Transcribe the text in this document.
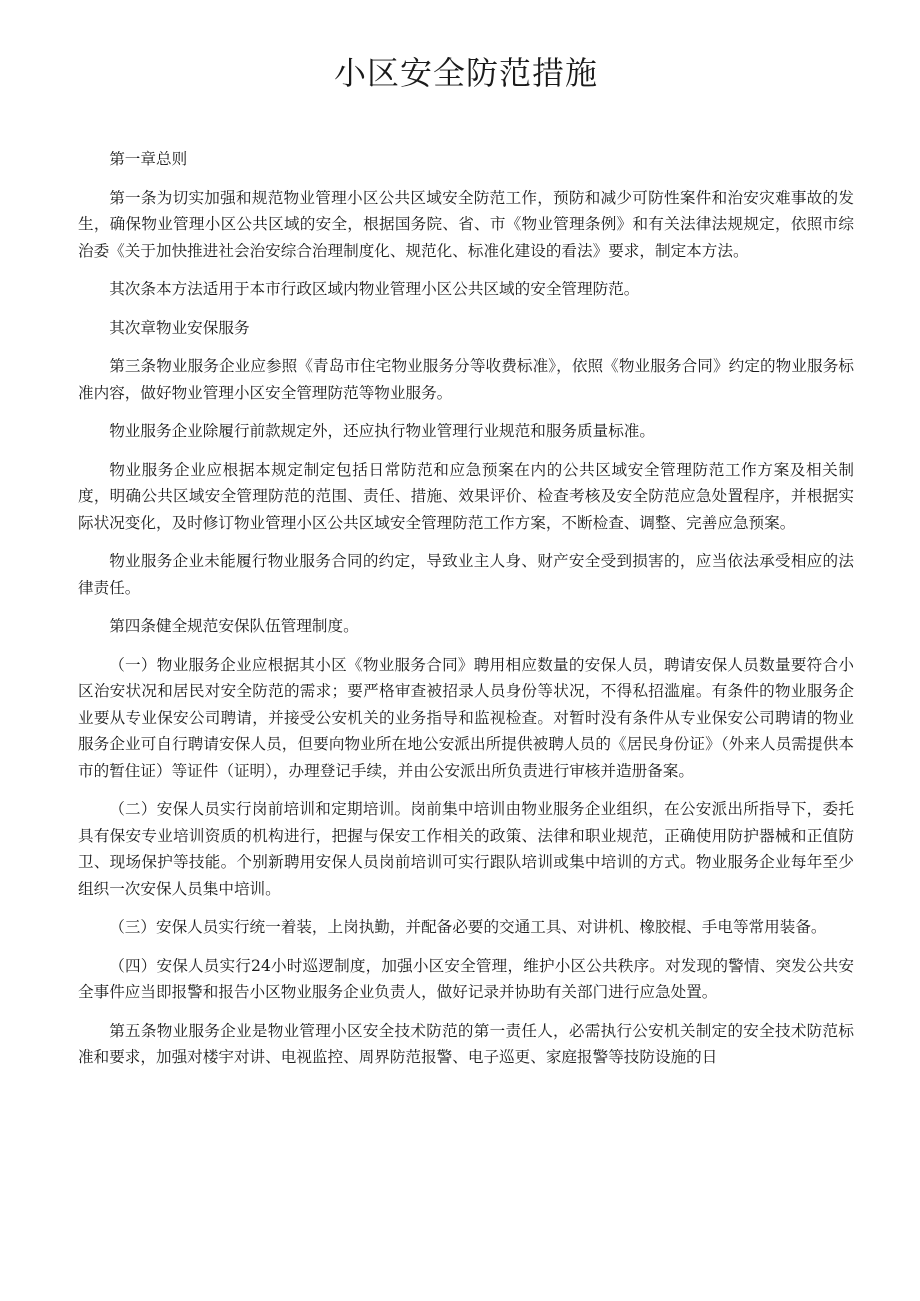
小区安全防范措施

第一章总则

第一条为切实加强和规范物业管理小区公共区域安全防范工作，预防和减少可防性案件和治安灾难事故的发生，确保物业管理小区公共区域的安全，根据国务院、省、市《物业管理条例》和有关法律法规规定，依照市综治委《关于加快推进社会治安综合治理制度化、规范化、标准化建设的看法》要求，制定本方法。

其次条本方法适用于本市行政区域内物业管理小区公共区域的安全管理防范。

其次章物业安保服务

第三条物业服务企业应参照《青岛市住宅物业服务分等收费标准》，依照《物业服务合同》约定的物业服务标准内容，做好物业管理小区安全管理防范等物业服务。

物业服务企业除履行前款规定外，还应执行物业管理行业规范和服务质量标准。

物业服务企业应根据本规定制定包括日常防范和应急预案在内的公共区域安全管理防范工作方案及相关制度，明确公共区域安全管理防范的范围、责任、措施、效果评价、检查考核及安全防范应急处置程序，并根据实际状况变化，及时修订物业管理小区公共区域安全管理防范工作方案，不断检查、调整、完善应急预案。

物业服务企业未能履行物业服务合同的约定，导致业主人身、财产安全受到损害的，应当依法承受相应的法律责任。

第四条健全规范安保队伍管理制度。

（一）物业服务企业应根据其小区《物业服务合同》聘用相应数量的安保人员，聘请安保人员数量要符合小区治安状况和居民对安全防范的需求；要严格审查被招录人员身份等状况，不得私招滥雇。有条件的物业服务企业要从专业保安公司聘请，并接受公安机关的业务指导和监视检查。对暂时没有条件从专业保安公司聘请的物业服务企业可自行聘请安保人员，但要向物业所在地公安派出所提供被聘人员的《居民身份证》（外来人员需提供本市的暂住证）等证件（证明），办理登记手续，并由公安派出所负责进行审核并造册备案。

（二）安保人员实行岗前培训和定期培训。岗前集中培训由物业服务企业组织，在公安派出所指导下，委托具有保安专业培训资质的机构进行，把握与保安工作相关的政策、法律和职业规范，正确使用防护器械和正值防卫、现场保护等技能。个别新聘用安保人员岗前培训可实行跟队培训或集中培训的方式。物业服务企业每年至少组织一次安保人员集中培训。

（三）安保人员实行统一着装，上岗执勤，并配备必要的交通工具、对讲机、橡胶棍、手电等常用装备。

（四）安保人员实行24小时巡逻制度，加强小区安全管理，维护小区公共秩序。对发现的警情、突发公共安全事件应当即报警和报告小区物业服务企业负责人，做好记录并协助有关部门进行应急处置。

第五条物业服务企业是物业管理小区安全技术防范的第一责任人，必需执行公安机关制定的安全技术防范标准和要求，加强对楼宇对讲、电视监控、周界防范报警、电子巡更、家庭报警等技防设施的日
